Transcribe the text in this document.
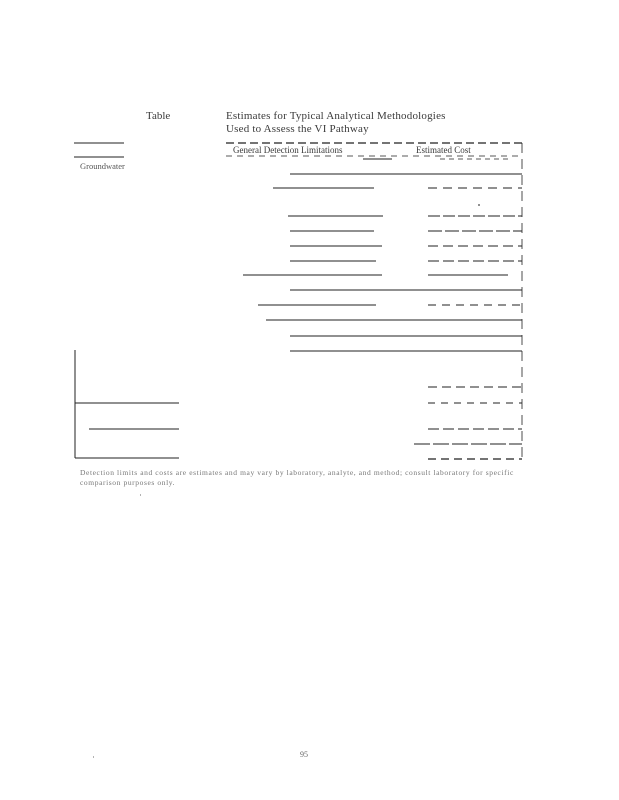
Table	Estimates for Typical Analytical Methodologies
Used to Assess the VI Pathway
Groundwater
General Detection Limitations	Estimated Cost
Detection limits and costs are estimates and may vary by laboratory, analyte, and method; consult laboratory for specific
comparison purposes only.
95
